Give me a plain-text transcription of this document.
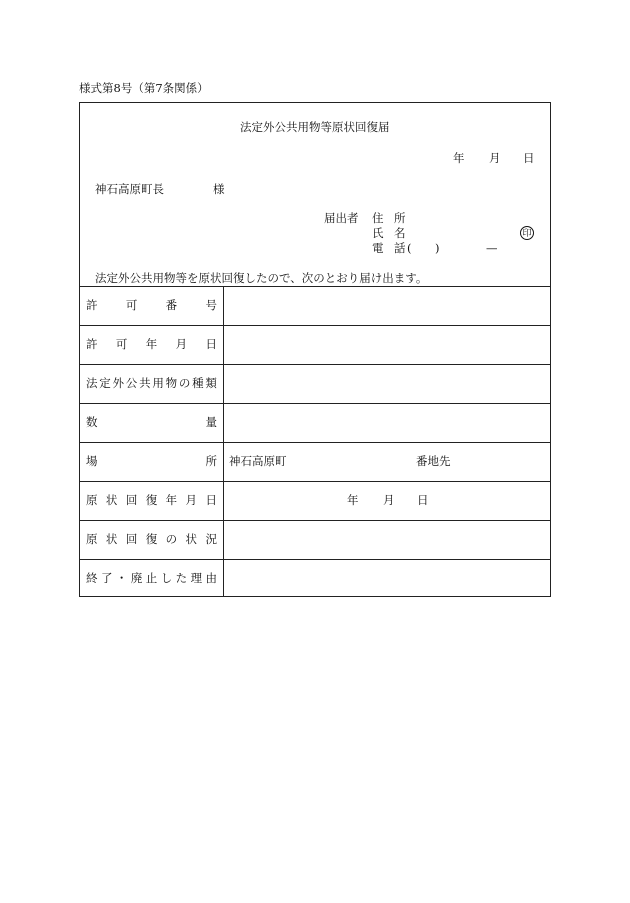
様式第8号（第7条関係）
法定外公共用物等原状回復届
年 月 日
神石高原町長	様
届出者 住 所
氏 名	印
電 話 ( )	—
法定外公共用物等を原状回復したので、次のとおり届け出ます。
許 可 番 号
許 可 年 月 日
法 定 外 公 共 用 物 の 種 類
数	量
場	所 神石高原町	番地先
原 状 回 復 年 月 日	年 月 日
原 状 回 復 の 状 況
終 了 ・ 廃 止 し た 理 由
